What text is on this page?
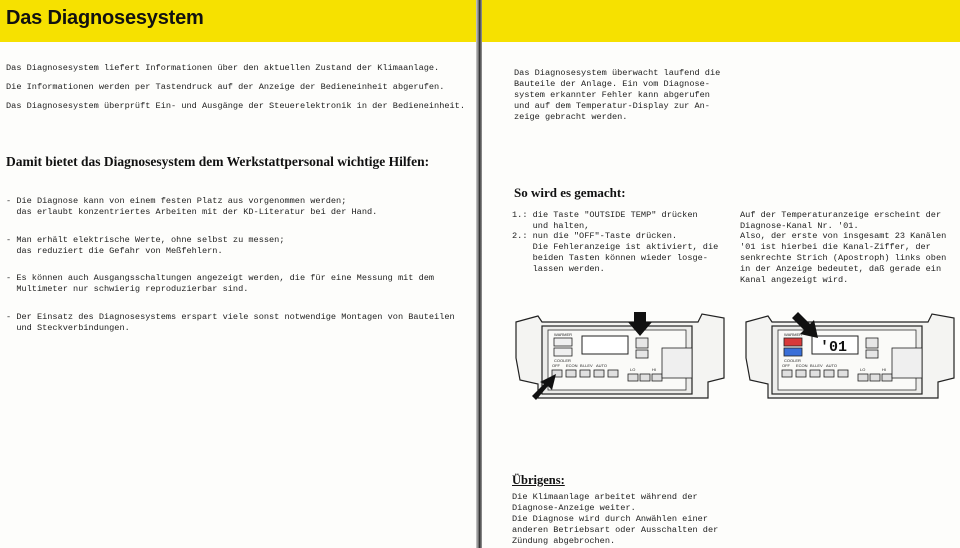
Das Diagnosesystem
Das Diagnosesystem liefert Informationen über den aktuellen Zustand der Klimaanlage.
Die Informationen werden per Tastendruck auf der Anzeige der Bedieneinheit abgerufen.
Das Diagnosesystem überprüft Ein- und Ausgänge der Steuerelektronik in der Bedieneinheit.
Damit bietet das Diagnosesystem dem Werkstattpersonal wichtige Hilfen:
- Die Diagnose kann von einem festen Platz aus vorgenommen werden;
das erlaubt konzentriertes Arbeiten mit der KD-Literatur bei der Hand.
- Man erhält elektrische Werte, ohne selbst zu messen;
das reduziert die Gefahr von Meßfehlern.
- Es können auch Ausgangsschaltungen angezeigt werden, die für eine Messung mit dem
Multimeter nur schwierig reproduzierbar sind.
- Der Einsatz des Diagnosesystems erspart viele sonst notwendige Montagen von Bauteilen
und Steckverbindungen.
Das Diagnosesystem überwacht laufend die
Bauteile der Anlage. Ein vom Diagnose-
system erkannter Fehler kann abgerufen
und auf dem Temperatur-Display zur An-
zeige gebracht werden.
So wird es gemacht:
1.: die Taste "OUTSIDE TEMP" drücken
und halten,
2.: nun die "OFF"-Taste drücken.
Die Fehleranzeige ist aktiviert, die
beiden Tasten können wieder losge-
lassen werden.
Auf der Temperaturanzeige erscheint der
Diagnose-Kanal Nr. '01.
Also, der erste von insgesamt 23 Kanälen
'01 ist hierbei die Kanal-Ziffer, der
senkrechte Strich (Apostroph) links oben
in der Anzeige bedeutet, daß gerade ein
Kanal angezeigt wird.
WARMER
COOLER
OFF ECON BI-LEV AUTO
LO	HI
'01
WARMER
COOLER
OFF ECON BI-LEV AUTO
LO	HI
Übrigens:
Die Klimaanlage arbeitet während der
Diagnose-Anzeige weiter.
Die Diagnose wird durch Anwählen einer
anderen Betriebsart oder Ausschalten der
Zündung abgebrochen.
